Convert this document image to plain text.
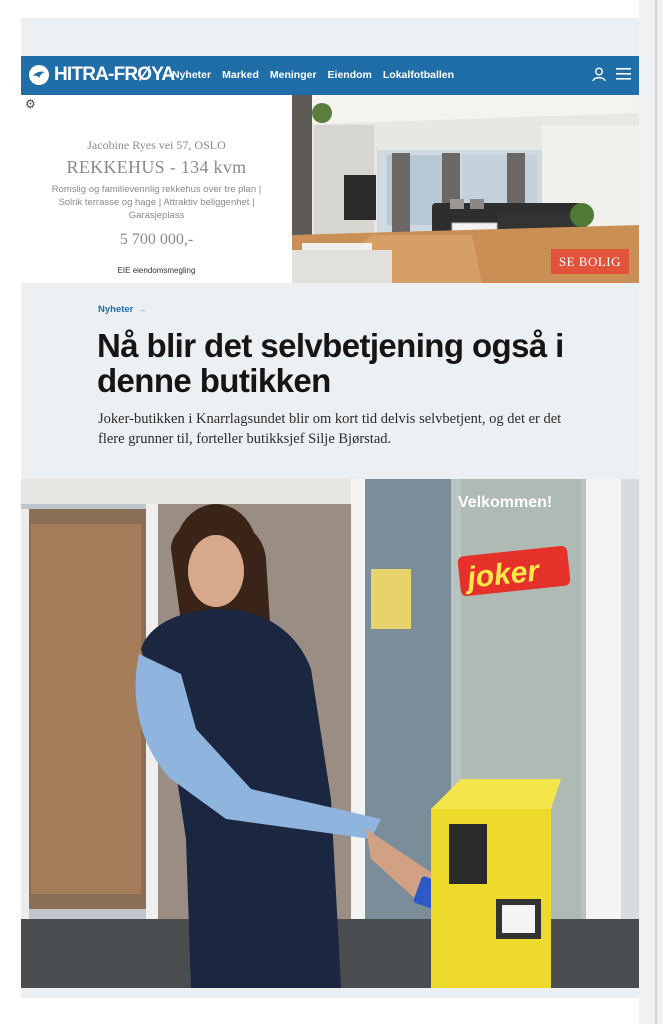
HITRA-FRØYA
Nyheter Marked Meninger Eiendom Lokalfotballen
⚙
Jacobine Ryes vei 57, OSLO
REKKEHUS - 134 kvm
Romslig og familievennlig rekkehus over tre plan | Solrik terrasse og hage | Attraktiv beliggenhet | Garasjeplass
5 700 000,-
EIE eiendomsmegling
SE BOLIG
Nyheter →
Nå blir det selvbetjening også i denne butikken

Joker-butikken i Knarrlagsundet blir om kort tid delvis selvbetjent, og det er det flere grunner til, forteller butikksjef Silje Bjørstad.

Velkommen!
joker
